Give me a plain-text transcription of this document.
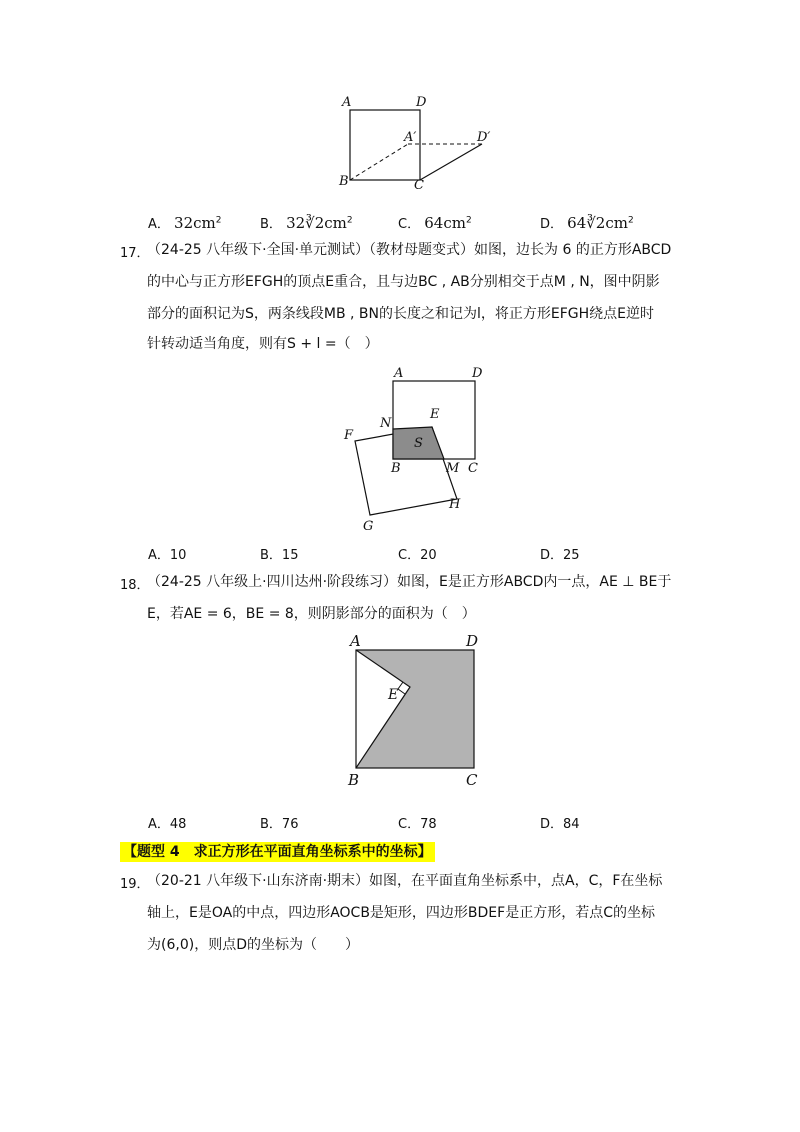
A	D
A′	D′
B	C
A． $32cm^2$	B． $32∛2cm^2$	C． $64cm^2$	D． $64∛2cm^2$
17．
（24-25 八年级下·全国·单元测试）（教材母题变式）如图，边长为 6 的正方形ABCD
的中心与正方形EFGH的顶点E重合，且与边BC , AB分别相交于点M , N，图中阴影
部分的面积记为S，两条线段MB , BN的长度之和记为l，将正方形EFGH绕点E逆时
针转动适当角度，则有S + l =（　）
A	D
N
E
F
S
B	M C
H
G
A．10	B．15	C．20	D．25
18．
（24-25 八年级上·四川达州·阶段练习）如图，E是正方形ABCD内一点，AE ⊥ BE于
E，若AE = 6，BE = 8，则阴影部分的面积为（　）
A	D
E
B	C
A．48	B．76	C．78	D．84
【题型 4　求正方形在平面直角坐标系中的坐标】
19．
（20-21 八年级下·山东济南·期末）如图，在平面直角坐标系中，点A，C，F在坐标
轴上，E是OA的中点，四边形AOCB是矩形，四边形BDEF是正方形，若点C的坐标
为(6,0)，则点D的坐标为（　　）
